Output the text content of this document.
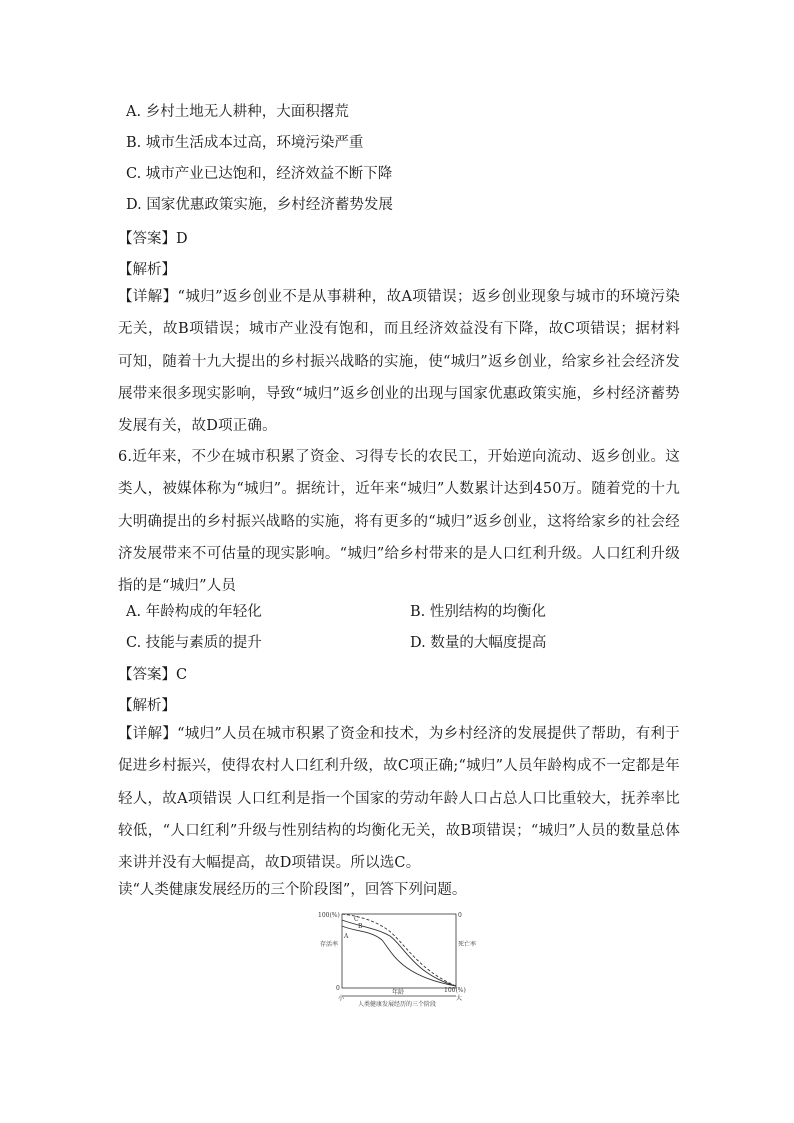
A. 乡村土地无人耕种，大面积撂荒
B. 城市生活成本过高，环境污染严重
C. 城市产业已达饱和，经济效益不断下降
D. 国家优惠政策实施，乡村经济蓄势发展
【答案】D
【解析】
【详解】“城归”返乡创业不是从事耕种，故A项错误；返乡创业现象与城市的环境污染无关，故B项错误；城市产业没有饱和，而且经济效益没有下降，故C项错误；据材料可知，随着十九大提出的乡村振兴战略的实施，使“城归”返乡创业，给家乡社会经济发展带来很多现实影响，导致“城归”返乡创业的出现与国家优惠政策实施，乡村经济蓄势发展有关，故D项正确。
6.近年来，不少在城市积累了资金、习得专长的农民工，开始逆向流动、返乡创业。这类人，被媒体称为“城归”。据统计，近年来“城归”人数累计达到450万。随着党的十九大明确提出的乡村振兴战略的实施，将有更多的“城归”返乡创业，这将给家乡的社会经济发展带来不可估量的现实影响。“城归”给乡村带来的是人口红利升级。人口红利升级指的是“城归”人员
A. 年龄构成的年轻化	B. 性别结构的均衡化
C. 技能与素质的提升	D. 数量的大幅度提高
【答案】C
【解析】
【详解】“城归”人员在城市积累了资金和技术，为乡村经济的发展提供了帮助，有利于促进乡村振兴，使得农村人口红利升级，故C项正确;“城归”人员年龄构成不一定都是年轻人，故A项错误 人口红利是指一个国家的劳动年龄人口占总人口比重较大，抚养率比较低，“人口红利”升级与性别结构的均衡化无关，故B项错误；“城归”人员的数量总体来讲并没有大幅提高，故D项错误。所以选C。
读“人类健康发展经历的三个阶段图”，回答下列问题。
100(%)	0
0	100(%)
存活率	死亡率
年龄
小	大
A
B
C
人类健康发展经历的三个阶段
